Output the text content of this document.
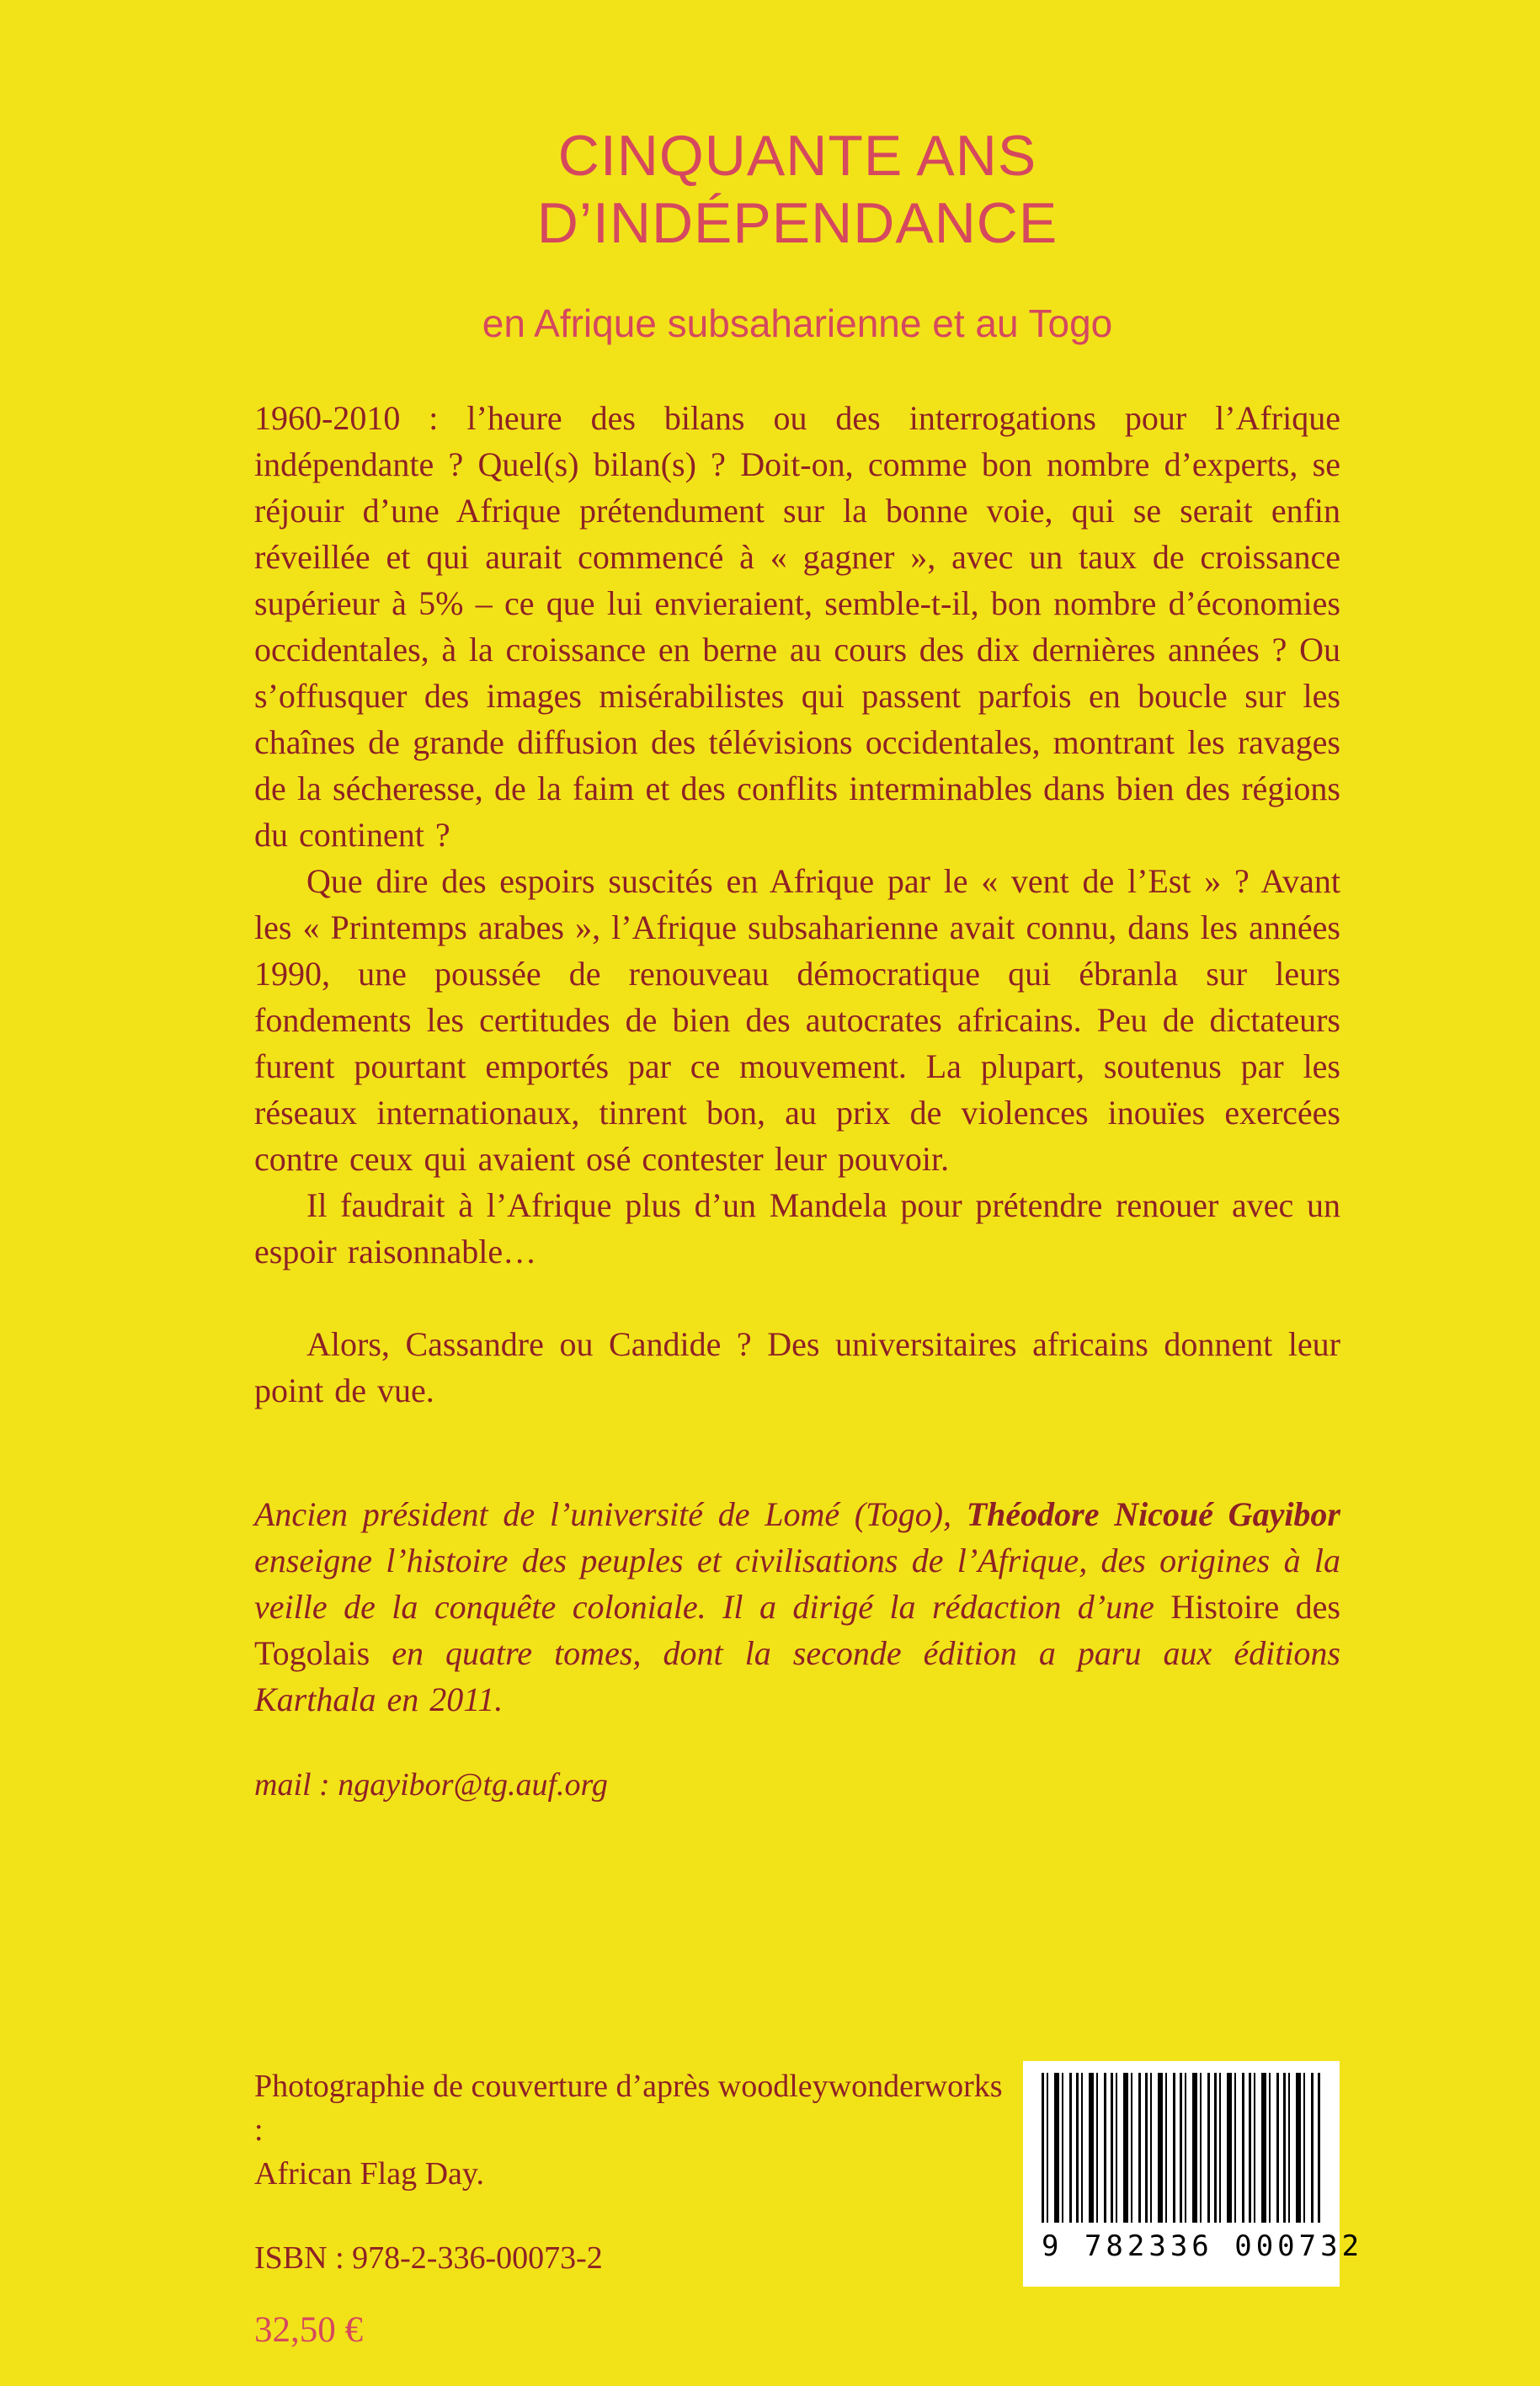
CINQUANTE ANS
D’INDÉPENDANCE
en Afrique subsaharienne et au Togo

1960-2010 : l’heure des bilans ou des interrogations pour l’Afrique indépendante ? Quel(s) bilan(s) ? Doit-on, comme bon nombre d’experts, se réjouir d’une Afrique prétendument sur la bonne voie, qui se serait enfin réveillée et qui aurait commencé à « gagner », avec un taux de croissance supérieur à 5% – ce que lui envieraient, semble-t-il, bon nombre d’économies occidentales, à la croissance en berne au cours des dix dernières années ? Ou s’offusquer des images misérabilistes qui passent parfois en boucle sur les chaînes de grande diffusion des télévisions occidentales, montrant les ravages de la sécheresse, de la faim et des conflits interminables dans bien des régions du continent ?

Que dire des espoirs suscités en Afrique par le « vent de l’Est » ? Avant les « Printemps arabes », l’Afrique subsaharienne avait connu, dans les années 1990, une poussée de renouveau démocratique qui ébranla sur leurs fondements les certitudes de bien des autocrates africains. Peu de dictateurs furent pourtant emportés par ce mouvement. La plupart, soutenus par les réseaux internationaux, tinrent bon, au prix de violences inouïes exercées contre ceux qui avaient osé contester leur pouvoir.

Il faudrait à l’Afrique plus d’un Mandela pour prétendre renouer avec un espoir raisonnable…

Alors, Cassandre ou Candide ? Des universitaires africains donnent leur point de vue.

Ancien président de l’université de Lomé (Togo), Théodore Nicoué Gayibor enseigne l’histoire des peuples et civilisations de l’Afrique, des origines à la veille de la conquête coloniale. Il a dirigé la rédaction d’une Histoire des Togolais en quatre tomes, dont la seconde édition a paru aux éditions Karthala en 2011.

mail : ngayibor@tg.auf.org
Photographie de couverture d’après woodleywonderworks :
African Flag Day.
ISBN : 978-2-336-00073-2
32,50 €
9 782336 000732
